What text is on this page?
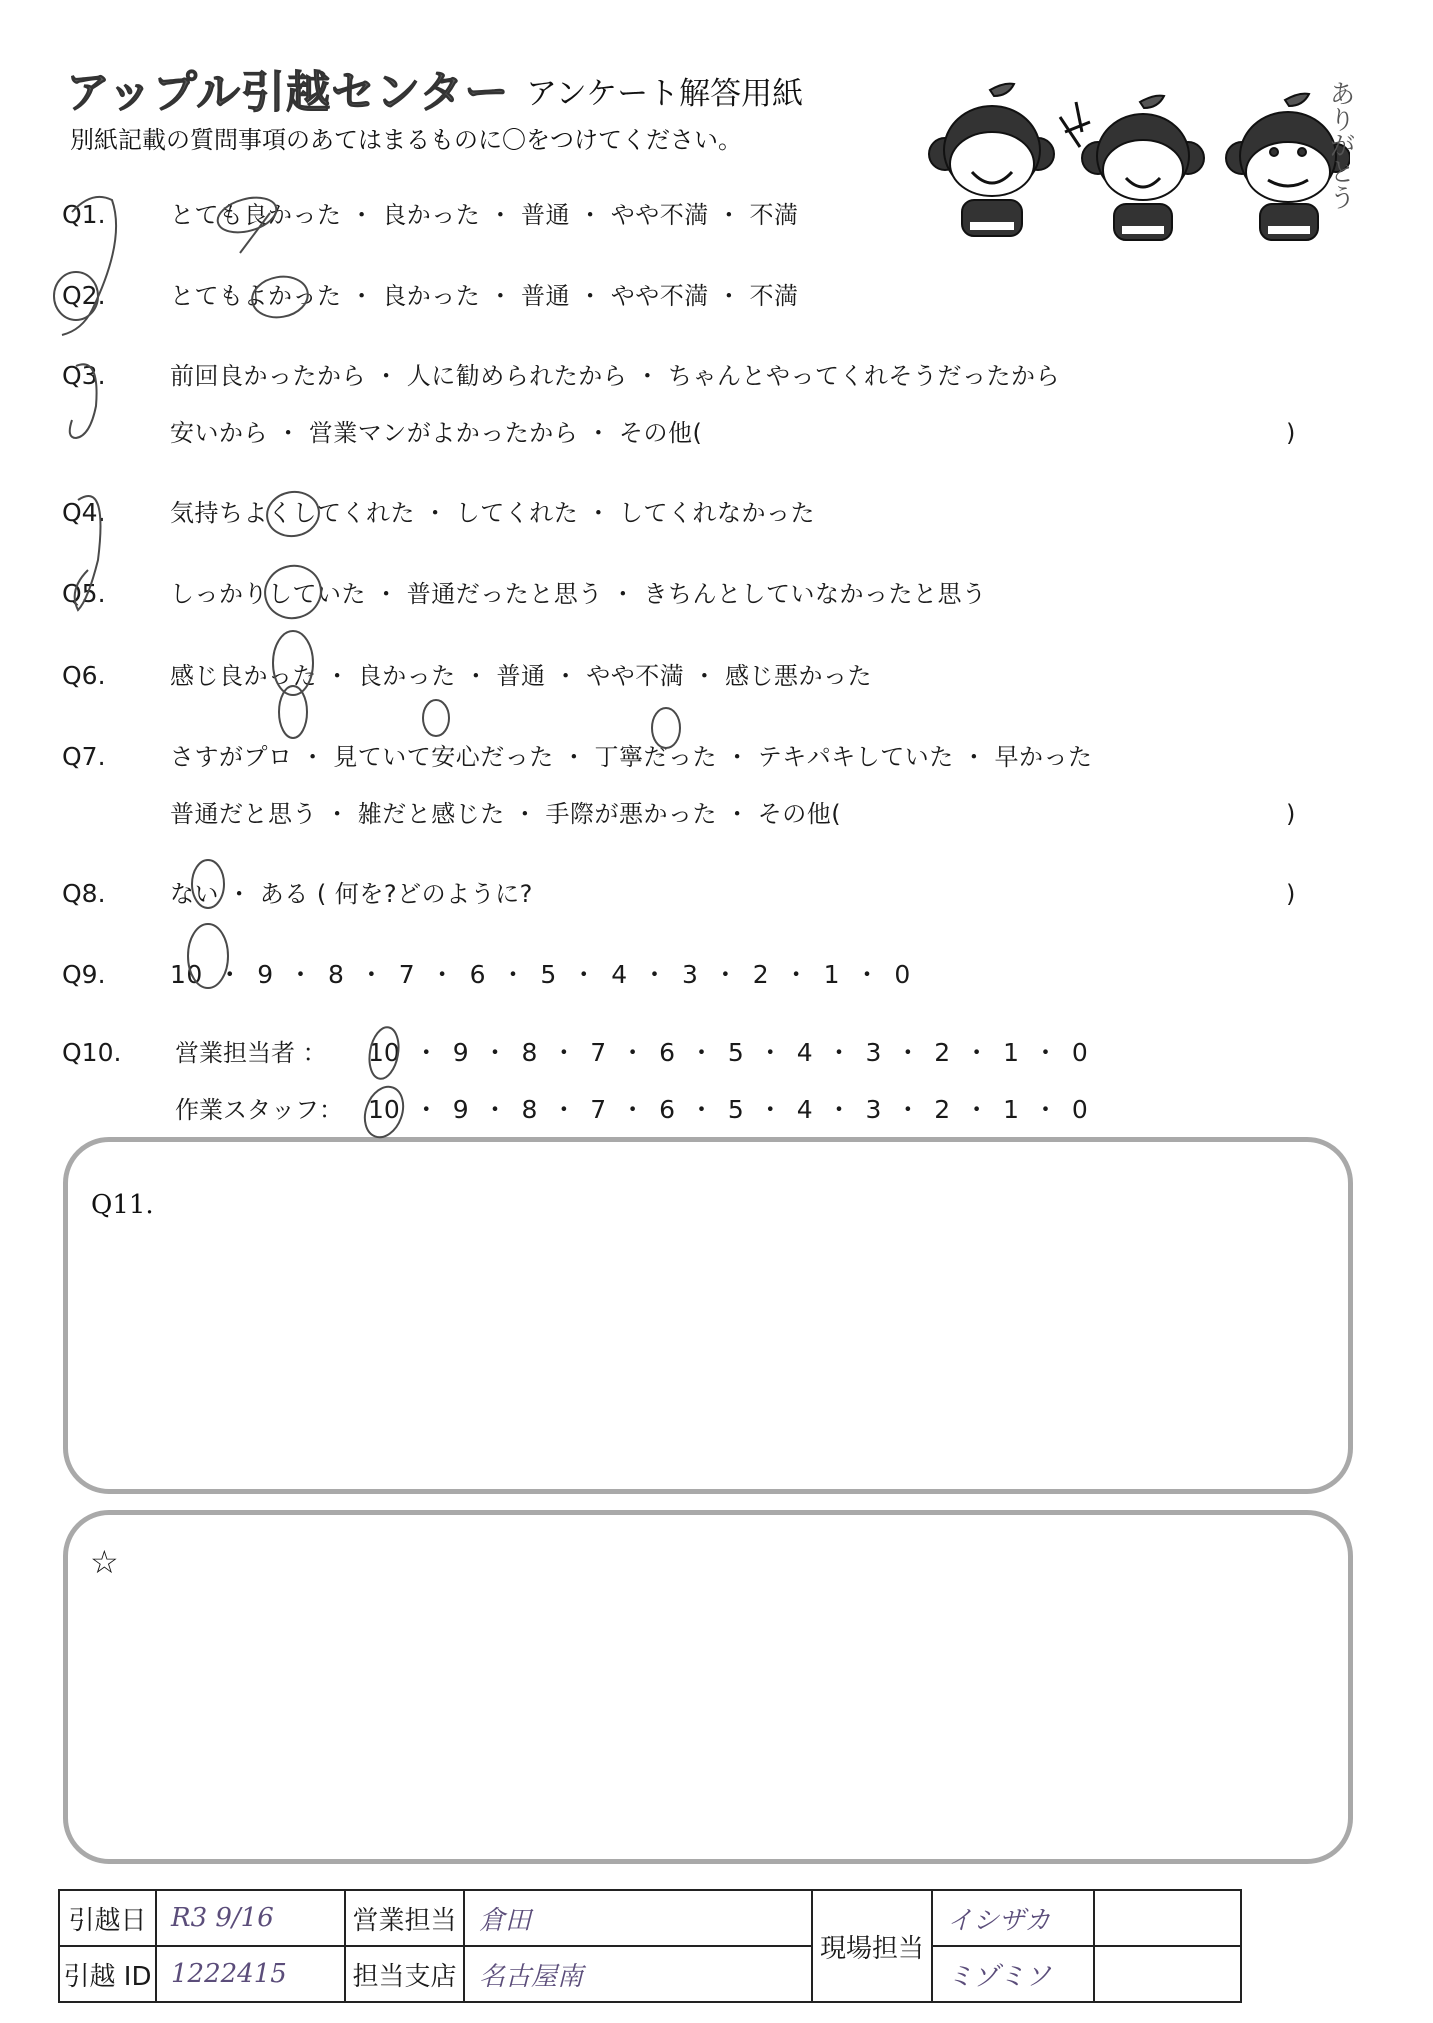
アップル引越センター アンケート解答用紙
別紙記載の質問事項のあてはまるものに〇をつけてください。	ありがとう
Q1.	とても良かった ・ 良かった ・ 普通 ・ やや不満 ・ 不満
Q2.	とてもよかった ・ 良かった ・ 普通 ・ やや不満 ・ 不満
Q3.	前回良かったから ・ 人に勧められたから ・ ちゃんとやってくれそうだったから
安いから ・ 営業マンがよかったから ・ その他(	)
Q4.	気持ちよくしてくれた ・ してくれた ・ してくれなかった
Q5.	しっかりしていた ・ 普通だったと思う ・ きちんとしていなかったと思う
Q6.	感じ良かった ・ 良かった ・ 普通 ・ やや不満 ・ 感じ悪かった
Q7.	さすがプロ ・ 見ていて安心だった ・ 丁寧だった ・ テキパキしていた ・ 早かった
普通だと思う ・ 雑だと感じた ・ 手際が悪かった ・ その他(	)
Q8.	ない ・ ある ( 何を?どのように?	)
Q9.	10 ・ 9 ・ 8 ・ 7 ・ 6 ・ 5 ・ 4 ・ 3 ・ 2 ・ 1 ・ 0
Q10. 営業担当者 ： 10 ・ 9 ・ 8 ・ 7 ・ 6 ・ 5 ・ 4 ・ 3 ・ 2 ・ 1 ・ 0
作業スタッフ： 10 ・ 9 ・ 8 ・ 7 ・ 6 ・ 5 ・ 4 ・ 3 ・ 2 ・ 1 ・ 0
Q11.
☆
引越日	R3 9/16	営業担当	倉田	現場担当	イシザカ	
引越 ID	1222415	担当支店	名古屋南		ミゾミソ	
